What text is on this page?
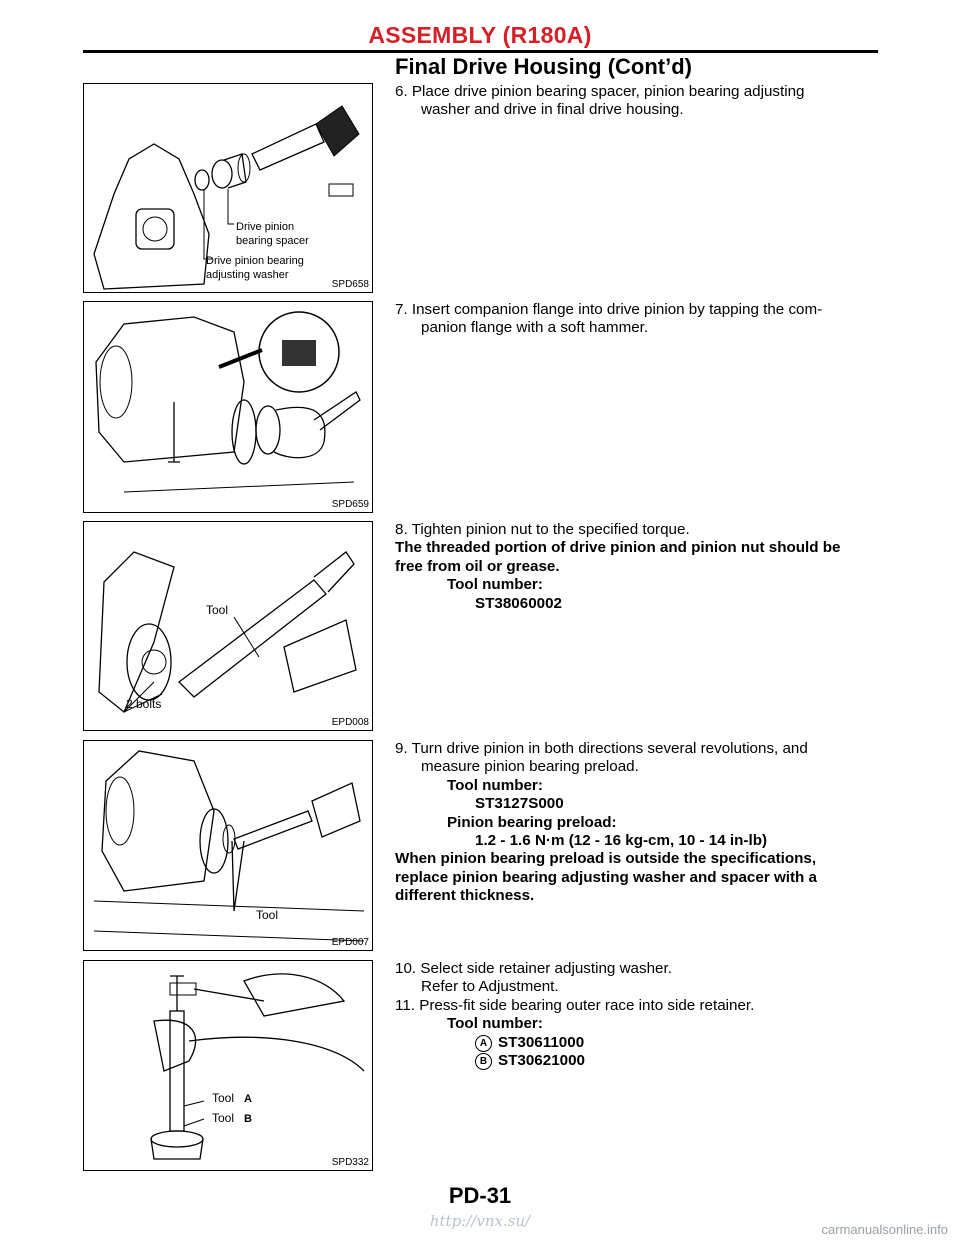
ASSEMBLY (R180A)
Final Drive Housing (Cont’d)
Drive pinion
bearing spacer
Drive pinion bearing
adjusting washer
SPD658
SPD659
Tool
2 bolts
EPD008
Tool
EPD007
Tool A
Tool B
SPD332
6. Place drive pinion bearing spacer, pinion bearing adjusting
washer and drive in final drive housing.
7. Insert companion flange into drive pinion by tapping the com-
panion flange with a soft hammer.
8. Tighten pinion nut to the specified torque.
The threaded portion of drive pinion and pinion nut should be
free from oil or grease.
Tool number:
ST38060002
9. Turn drive pinion in both directions several revolutions, and
measure pinion bearing preload.
Tool number:
ST3127S000
Pinion bearing preload:
1.2 - 1.6 N·m (12 - 16 kg-cm, 10 - 14 in-lb)
When pinion bearing preload is outside the specifications,
replace pinion bearing adjusting washer and spacer with a
different thickness.
10. Select side retainer adjusting washer.
Refer to Adjustment.
11. Press-fit side bearing outer race into side retainer.
Tool number:
A ST30611000
B ST30621000
PD-31
http://vnx.su/	carmanualsonline.info
